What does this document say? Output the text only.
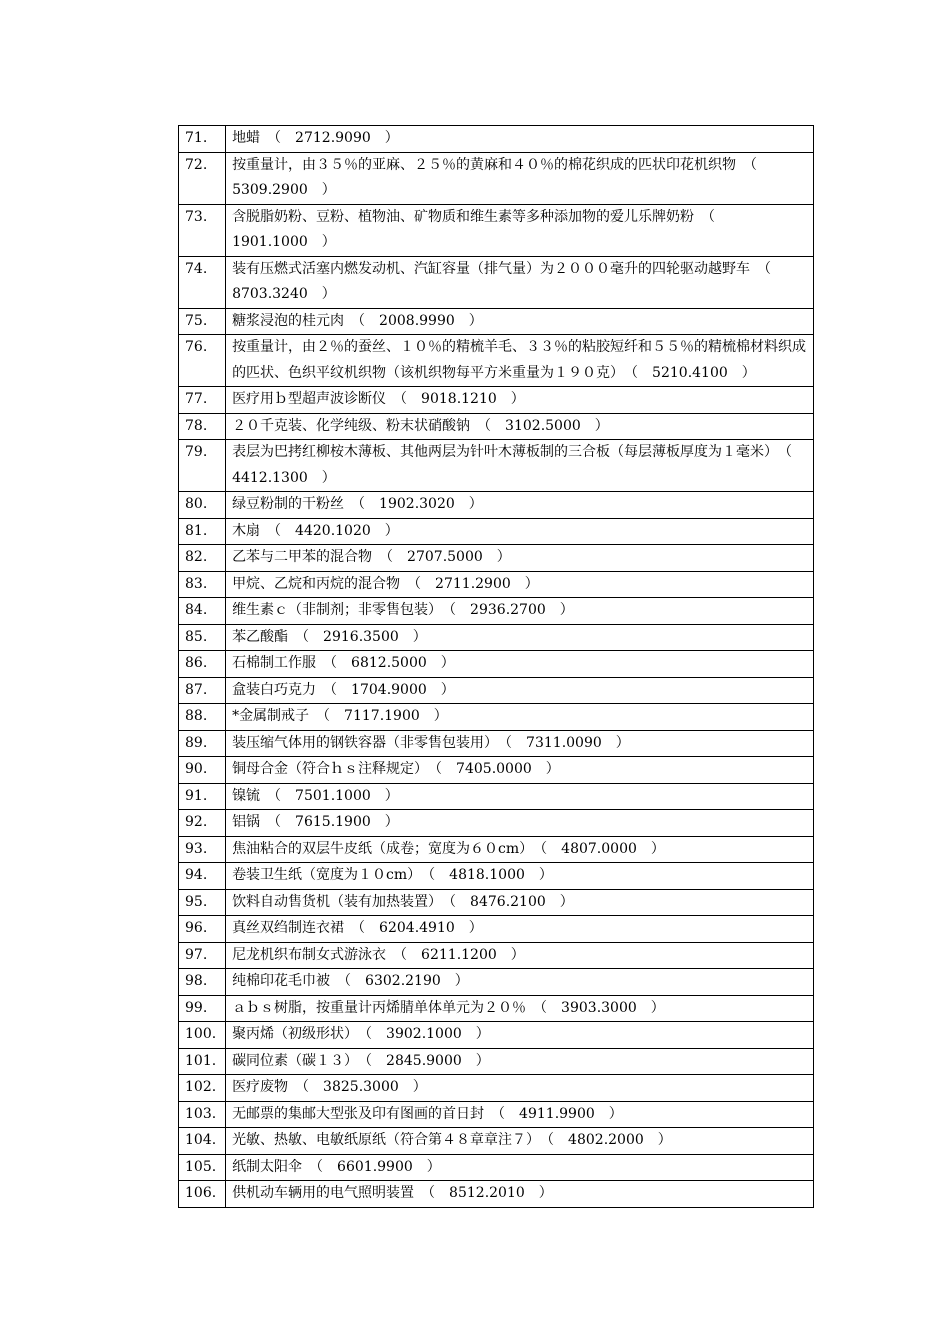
71.	地蜡　（　2712.9090　）
72.	按重量计，由３５％的亚麻、２５％的黄麻和４０％的棉花织成的匹状印花机织物　（　5309.2900　）
73.	含脱脂奶粉、豆粉、植物油、矿物质和维生素等多种添加物的爱儿乐牌奶粉　（　1901.1000　）
74.	装有压燃式活塞内燃发动机、汽缸容量（排气量）为２０００毫升的四轮驱动越野车　（　8703.3240　）
75.	糖浆浸泡的桂元肉　（　2008.9990　）
76.	按重量计，由２％的蚕丝、１０％的精梳羊毛、３３％的粘胶短纤和５５％的精梳棉材料织成的匹状、色织平纹机织物（该机织物每平方米重量为１９０克）　（　5210.4100　）
77.	医疗用ｂ型超声波诊断仪　（　9018.1210　）
78.	２０千克装、化学纯级、粉末状硝酸钠　（　3102.5000　）
79.	表层为巴拷红柳桉木薄板、其他两层为针叶木薄板制的三合板（每层薄板厚度为１毫米）　（　4412.1300　）
80.	绿豆粉制的干粉丝　（　1902.3020　）
81.	木扇　（　4420.1020　）
82.	乙苯与二甲苯的混合物　（　2707.5000　）
83.	甲烷、乙烷和丙烷的混合物　（　2711.2900　）
84.	维生素ｃ（非制剂；非零售包装）　（　2936.2700　）
85.	苯乙酸酯　（　2916.3500　）
86.	石棉制工作服　（　6812.5000　）
87.	盒装白巧克力　（　1704.9000　）
88.	*金属制戒子　（　7117.1900　）
89.	装压缩气体用的钢铁容器（非零售包装用）　（　7311.0090　）
90.	铜母合金（符合ｈｓ注释规定）　（　7405.0000　）
91.	镍锍　（　7501.1000　）
92.	铝锅　（　7615.1900　）
93.	焦油粘合的双层牛皮纸（成卷；宽度为６０cm）　（　4807.0000　）
94.	卷装卫生纸（宽度为１０cm）　（　4818.1000　）
95.	饮料自动售货机（装有加热装置）　（　8476.2100　）
96.	真丝双绉制连衣裙　（　6204.4910　）
97.	尼龙机织布制女式游泳衣　（　6211.1200　）
98.	纯棉印花毛巾被　（　6302.2190　）
99.	ａｂｓ树脂，按重量计丙烯腈单体单元为２０％　（　3903.3000　）
100.	聚丙烯（初级形状）　（　3902.1000　）
101.	碳同位素（碳１３）　（　2845.9000　）
102.	医疗废物　（　3825.3000　）
103.	无邮票的集邮大型张及印有图画的首日封　（　4911.9900　）
104.	光敏、热敏、电敏纸原纸（符合第４８章章注７）　（　4802.2000　）
105.	纸制太阳伞　（　6601.9900　）
106.	供机动车辆用的电气照明装置　（　8512.2010　）
